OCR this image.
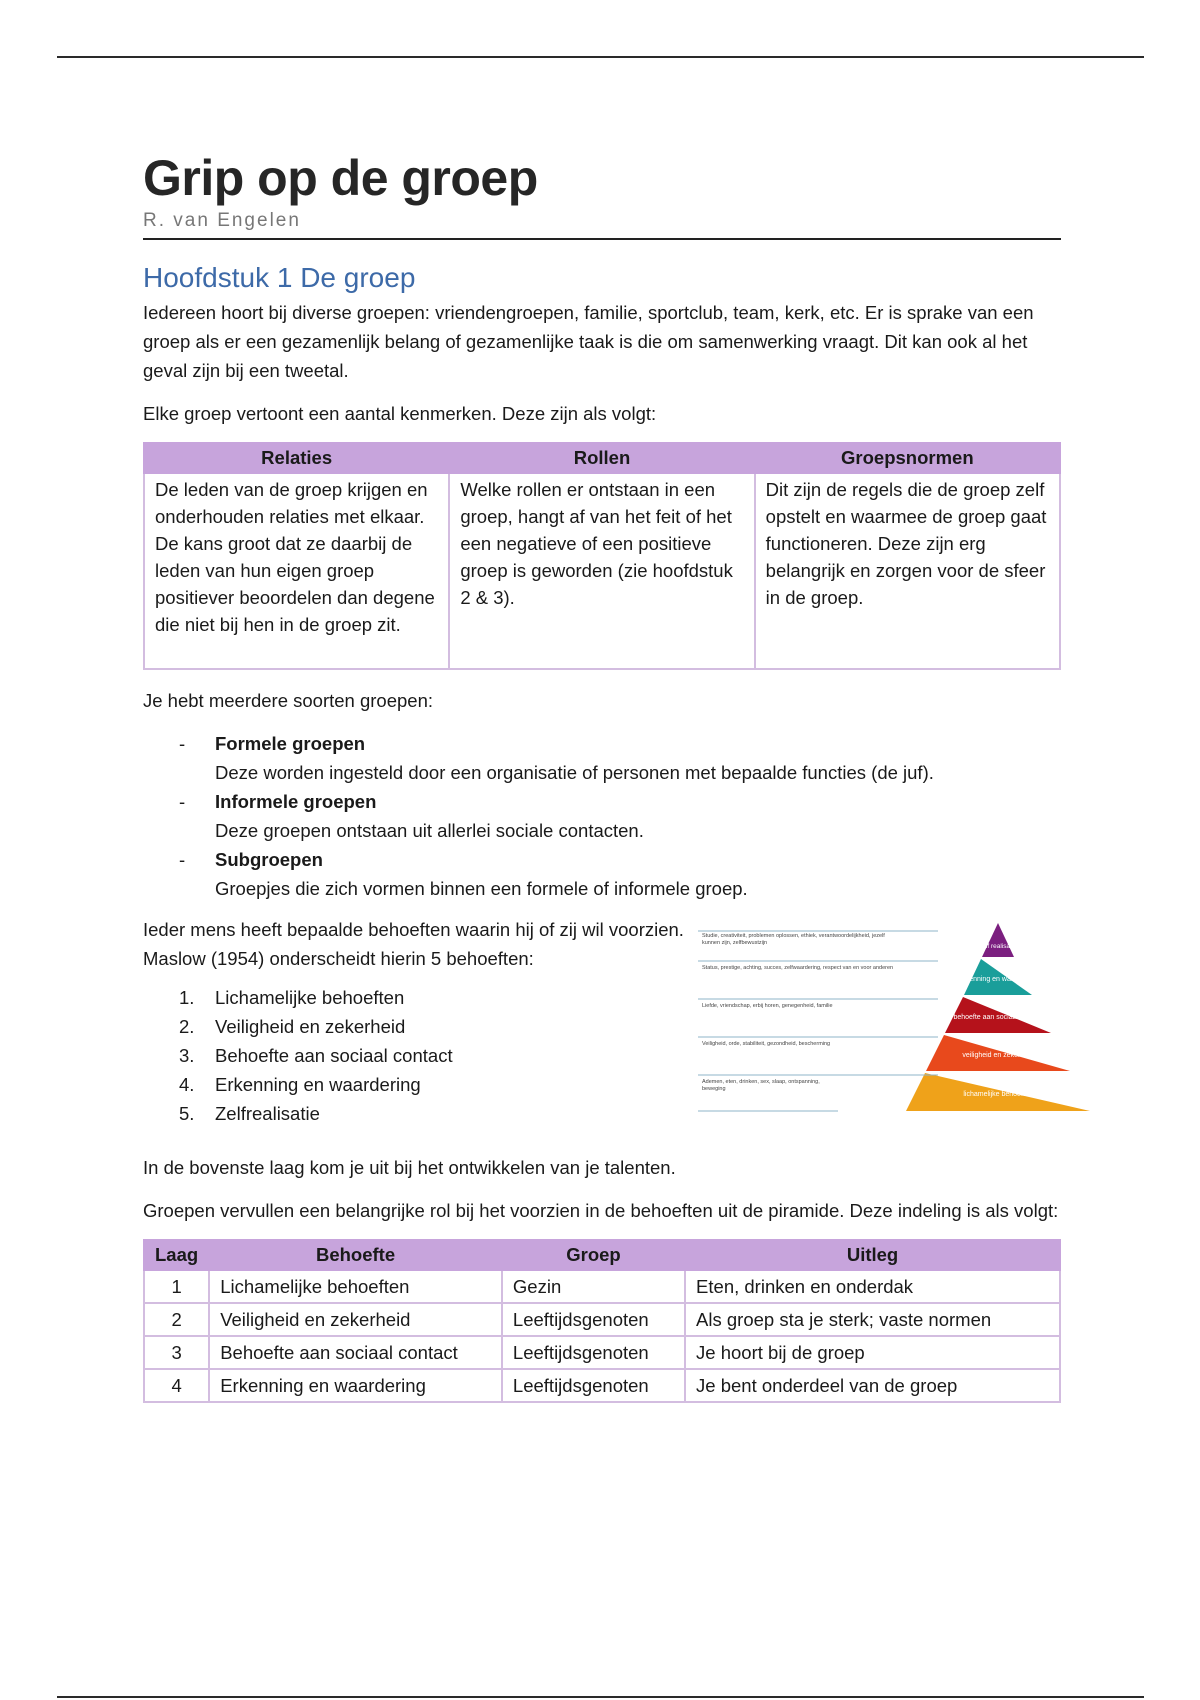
Grip op de groep
R. van Engelen
Hoofdstuk 1 De groep

Iedereen hoort bij diverse groepen: vriendengroepen, familie, sportclub, team, kerk, etc. Er is sprake van een groep als er een gezamenlijk belang of gezamenlijke taak is die om samenwerking vraagt. Dit kan ook al het geval zijn bij een tweetal.

Elke groep vertoont een aantal kenmerken. Deze zijn als volgt:

Relaties	Rollen	Groepsnormen
De leden van de groep krijgen en onderhouden relaties met elkaar. De kans groot dat ze daarbij de leden van hun eigen groep positiever beoordelen dan degene die niet bij hen in de groep zit.	Welke rollen er ontstaan in een groep, hangt af van het feit of het een negatieve of een positieve groep is geworden (zie hoofdstuk 2 & 3).	Dit zijn de regels die de groep zelf opstelt en waarmee de groep gaat functioneren. Deze zijn erg belangrijk en zorgen voor de sfeer in de groep.

Je hebt meerdere soorten groepen:

- Formele groepen
Deze worden ingesteld door een organisatie of personen met bepaalde functies (de juf).
- Informele groepen
Deze groepen ontstaan uit allerlei sociale contacten.
- Subgroepen
Groepjes die zich vormen binnen een formele of informele groep.

Ieder mens heeft bepaalde behoeften waarin hij of zij wil voorzien. Maslow (1954) onderscheidt hierin 5 behoeften:

1. Lichamelijke behoeften
2. Veiligheid en zekerheid
3. Behoefte aan sociaal contact
4. Erkenning en waardering
5. Zelfrealisatie
zelf realisatie
erkenning en waardering
behoefte aan sociaal contact
veiligheid en zekerheid
lichamelijke behoeften
Studie, creativiteit, problemen oplossen, ethiek, verantwoordelijkheid, jezelf kunnen zijn, zelfbewustzijn
Status, prestige, achting, succes, zelfwaardering, respect van en voor anderen
Liefde, vriendschap, erbij horen, genegenheid, familie
Veiligheid, orde, stabiliteit, gezondheid, bescherming
Ademen, eten, drinken, sex, slaap, ontspanning, beweging

In de bovenste laag kom je uit bij het ontwikkelen van je talenten.

Groepen vervullen een belangrijke rol bij het voorzien in de behoeften uit de piramide. Deze indeling is als volgt:

Laag	Behoefte	Groep	Uitleg
1	Lichamelijke behoeften	Gezin	Eten, drinken en onderdak
2	Veiligheid en zekerheid	Leeftijdsgenoten	Als groep sta je sterk; vaste normen
3	Behoefte aan sociaal contact	Leeftijdsgenoten	Je hoort bij de groep
4	Erkenning en waardering	Leeftijdsgenoten	Je bent onderdeel van de groep
